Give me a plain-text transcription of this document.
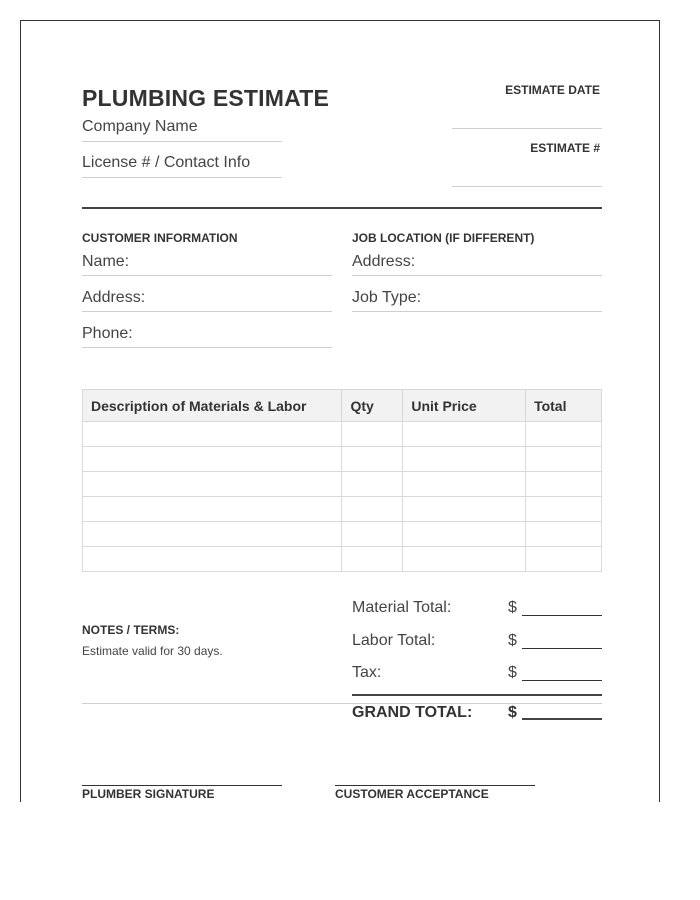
PLUMBING ESTIMATE
Company Name
License # / Contact Info
ESTIMATE DATE
ESTIMATE #
CUSTOMER INFORMATION
Name:
Address:
Phone:
JOB LOCATION (IF DIFFERENT)
Address:
Job Type:
Description of Materials & Labor	Qty	Unit Price	Total

NOTES / TERMS:
Estimate valid for 30 days.
Material Total:	$
Labor Total:	$
Tax:	$
GRAND TOTAL: $
PLUMBER SIGNATURE	CUSTOMER ACCEPTANCE
